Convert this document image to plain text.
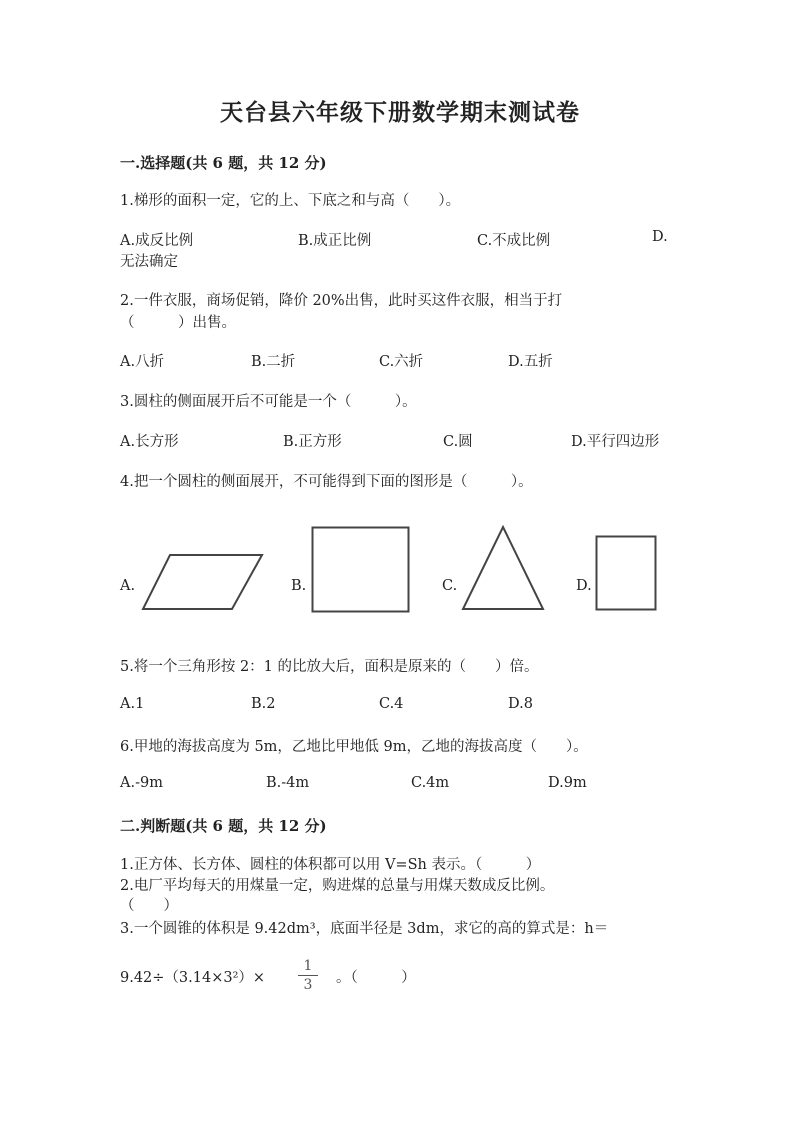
天台县六年级下册数学期末测试卷
一.选择题(共 6 题，共 12 分)
1.梯形的面积一定，它的上、下底之和与高（　　）。
A.成反比例	B.成正比例	C.不成比例	D.
无法确定
2.一件衣服，商场促销，降价 20%出售，此时买这件衣服，相当于打
（　　　）出售。
A.八折	B.二折	C.六折	D.五折
3.圆柱的侧面展开后不可能是一个（　　　）。
A.长方形	B.正方形	C.圆	D.平行四边形
4.把一个圆柱的侧面展开，不可能得到下面的图形是（　　　）。
A.	B.	C.	D.
5.将一个三角形按 2：1 的比放大后，面积是原来的（　　）倍。
A.1	B.2	C.4	D.8
6.甲地的海拔高度为 5m，乙地比甲地低 9m，乙地的海拔高度（　　）。
A.-9m	B.-4m	C.4m	D.9m
二.判断题(共 6 题，共 12 分)
1.正方体、长方体、圆柱的体积都可以用 V=Sh 表示。（　　　）
2.电厂平均每天的用煤量一定，购进煤的总量与用煤天数成反比例。
（　　）
3.一个圆锥的体积是 9.42dm³，底面半径是 3dm，求它的高的算式是：h＝
9.42÷（3.14×3²）×
1
3	。（　　　）
